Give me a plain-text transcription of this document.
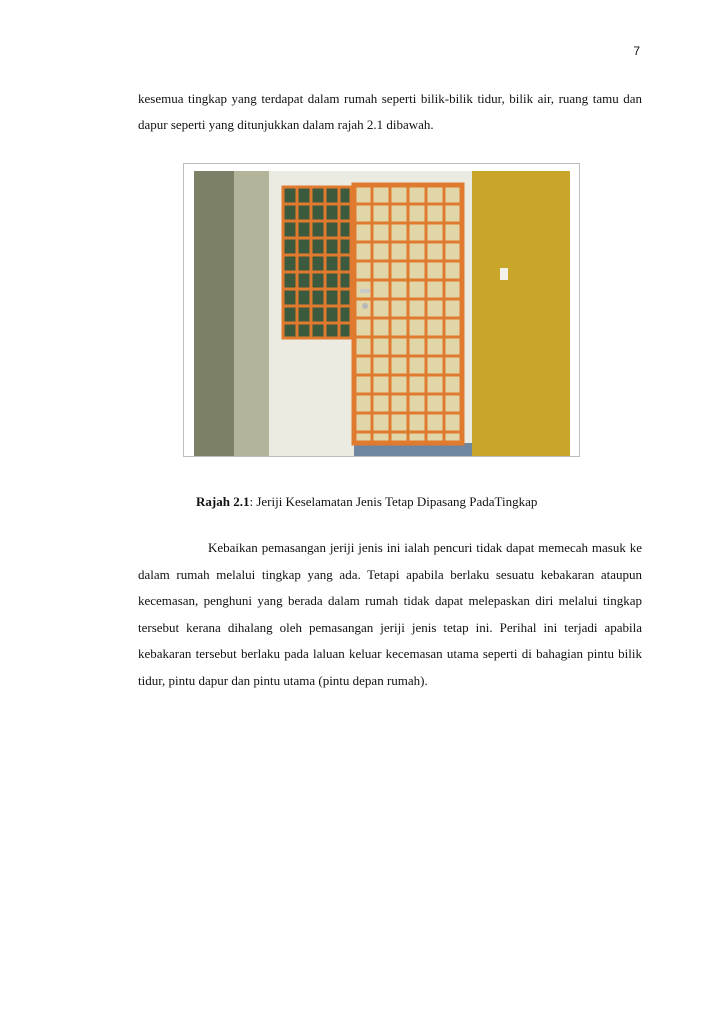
7

kesemua tingkap yang terdapat dalam rumah seperti bilik-bilik tidur, bilik air, ruang tamu dan dapur seperti yang ditunjukkan dalam rajah 2.1 dibawah.

Rajah 2.1: Jeriji Keselamatan Jenis Tetap Dipasang PadaTingkap

Kebaikan pemasangan jeriji jenis ini ialah pencuri tidak dapat memecah masuk ke dalam rumah melalui tingkap yang ada. Tetapi apabila berlaku sesuatu kebakaran ataupun kecemasan, penghuni yang berada dalam rumah tidak dapat melepaskan diri melalui tingkap tersebut kerana dihalang oleh pemasangan jeriji jenis tetap ini. Perihal ini terjadi apabila kebakaran tersebut berlaku pada laluan keluar kecemasan utama seperti di bahagian pintu bilik tidur, pintu dapur dan pintu utama (pintu depan rumah).
